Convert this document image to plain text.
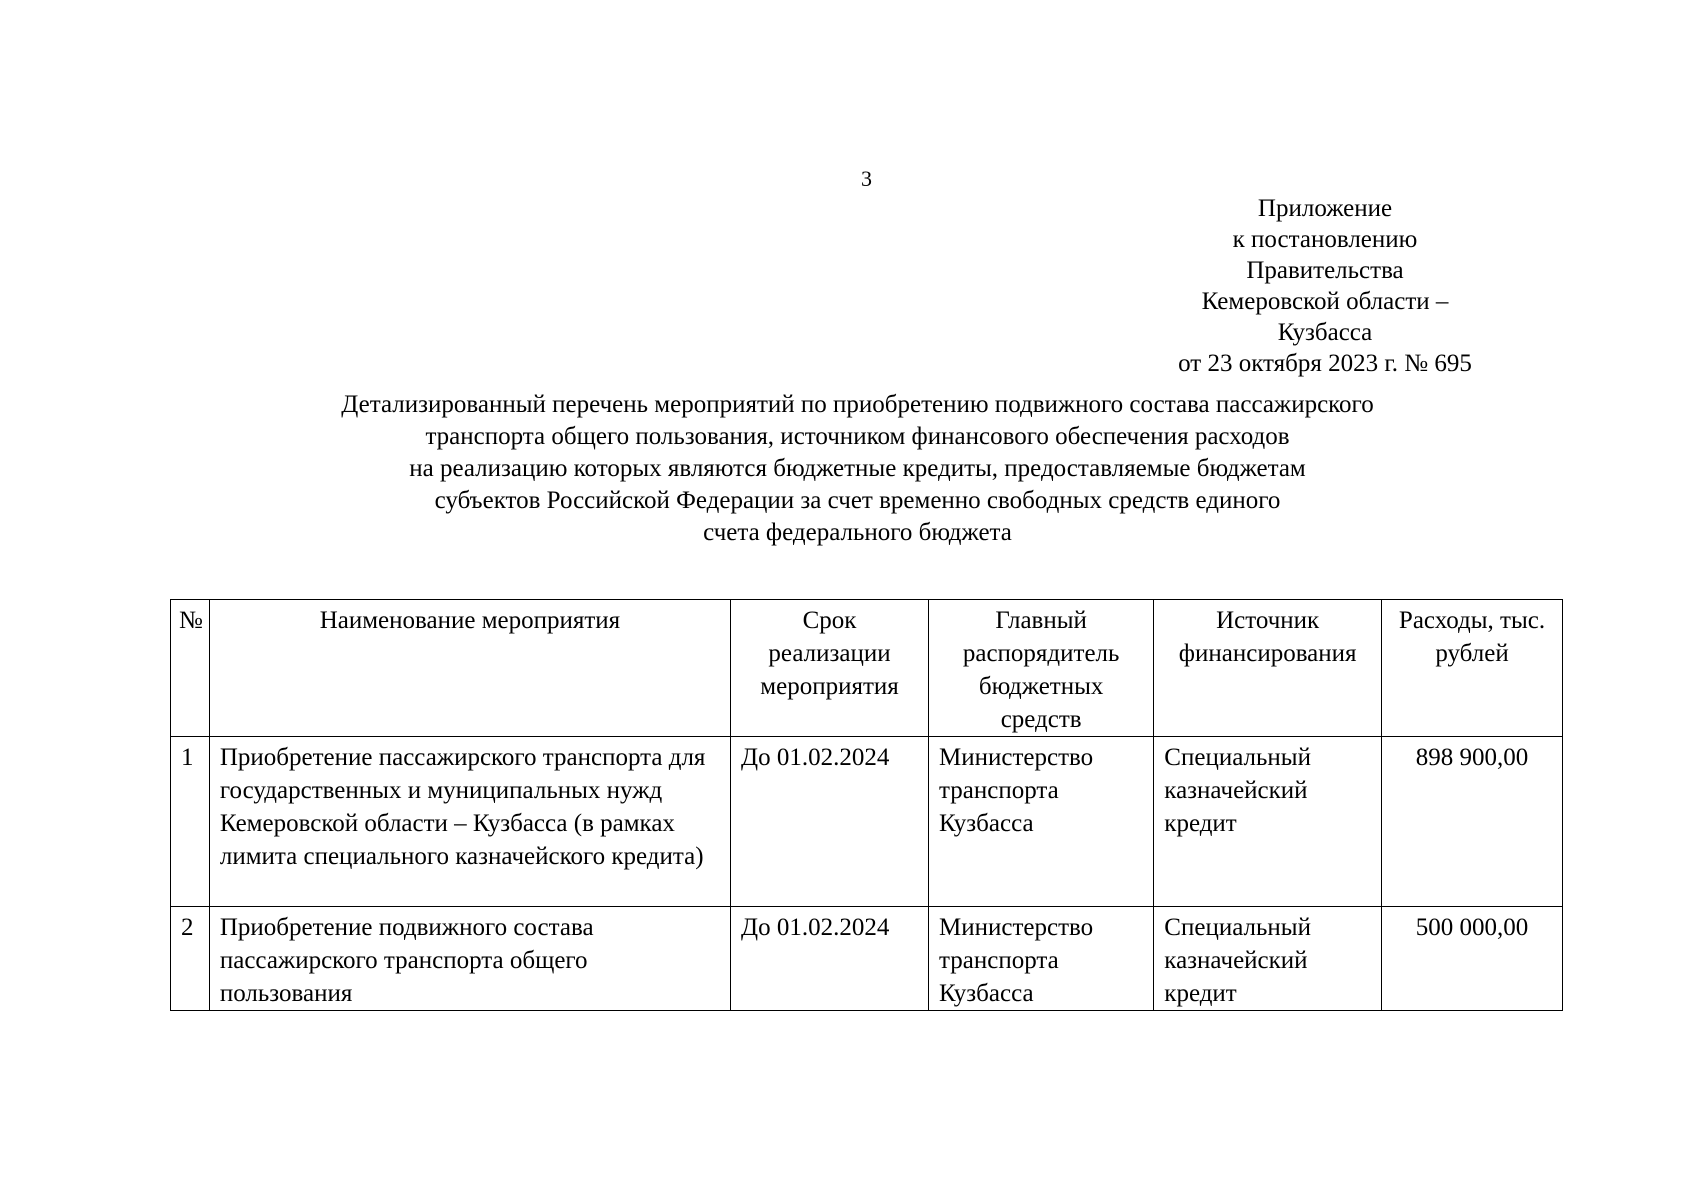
3
Приложение
к постановлению Правительства
Кемеровской области – Кузбасса
от 23 октября 2023 г. № 695
Детализированный перечень мероприятий по приобретению подвижного состава пассажирского
транспорта общего пользования, источником финансового обеспечения расходов
на реализацию которых являются бюджетные кредиты, предоставляемые бюджетам
субъектов Российской Федерации за счет временно свободных средств единого
счета федерального бюджета
№	Наименование мероприятия	Срок реализации мероприятия	Главный распорядитель бюджетных средств	Источник финансирования	Расходы, тыс. рублей
1	Приобретение пассажирского транспорта для государственных и муниципальных нужд Кемеровской области – Кузбасса (в рамках лимита специального казначейского кредита)	До 01.02.2024	Министерство транспорта Кузбасса	Специальный казначейский кредит	898 900,00
2	Приобретение подвижного состава пассажирского транспорта общего пользования	До 01.02.2024	Министерство транспорта Кузбасса	Специальный казначейский кредит	500 000,00
